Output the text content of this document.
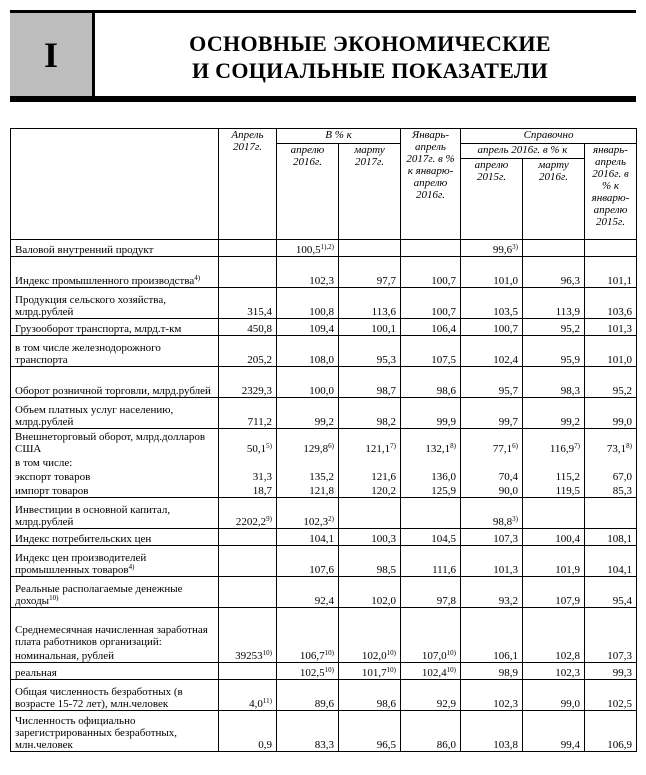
I	ОСНОВНЫЕ ЭКОНОМИЧЕСКИЕ
И СОЦИАЛЬНЫЕ ПОКАЗАТЕЛИ
	Апрель 2017г.	В % к		Январь-апрель 2017г. в % к январю-апрелю 2016г.	Справочно		
		апрелю 2016г.	марту 2017г.		апрель 2016г. в % к		январь-апрель 2016г. в % к январю-апрелю 2015г.
					апрелю 2015г.	марту 2016г.	
Валовой внутренний продукт		$100,5^{1),2)}$			99,6$^{3)}$		
Индекс промышленного производства$^{4)}$		102,3	97,7	100,7	101,0	96,3	101,1
Продукция сельского хозяйства, млрд.рублей	315,4	100,8	113,6	100,7	103,5	113,9	103,6
Грузооборот транспорта, млрд.т-км	450,8	109,4	100,1	106,4	100,7	95,2	101,3
в том числе железнодорожного транспорта	205,2	108,0	95,3	107,5	102,4	95,9	101,0
Оборот розничной торговли, млрд.рублей	2329,3	100,0	98,7	98,6	95,7	98,3	95,2
Объем платных услуг населению, млрд.рублей	711,2	99,2	98,2	99,9	99,7	99,2	99,0
Внешнеторговый оборот, млрд.долларов США	50,1$^{5)}$	129,8$^{6)}$	121,1$^{7)}$	132,1$^{8)}$	77,1$^{6)}$	116,9$^{7)}$	73,1$^{8)}$
в том числе:							
экспорт товаров	31,3	135,2	121,6	136,0	70,4	115,2	67,0
импорт товаров	18,7	121,8	120,2	125,9	90,0	119,5	85,3
Инвестиции в основной капитал, млрд.рублей	2202,2$^{9)}$	102,3$^{2)}$			98,8$^{3)}$		
Индекс потребительских цен		104,1	100,3	104,5	107,3	100,4	108,1
Индекс цен производителей промышленных товаров$^{4)}$		107,6	98,5	111,6	101,3	101,9	104,1
Реальные располагаемые денежные доходы$^{10)}$		92,4	102,0	97,8	93,2	107,9	95,4
Среднемесячная начисленная заработная плата работников организаций:							
номинальная, рублей	39253$^{10)}$	106,7$^{10)}$	102,0$^{10)}$	107,0$^{10)}$	106,1	102,8	107,3
реальная		102,5$^{10)}$	101,7$^{10)}$	102,4$^{10)}$	98,9	102,3	99,3
Общая численность безработных (в возрасте 15-72 лет), млн.человек	4,0$^{11)}$	89,6	98,6	92,9	102,3	99,0	102,5
Численность официально зарегистрированных безработных, млн.человек	0,9	83,3	96,5	86,0	103,8	99,4	106,9
